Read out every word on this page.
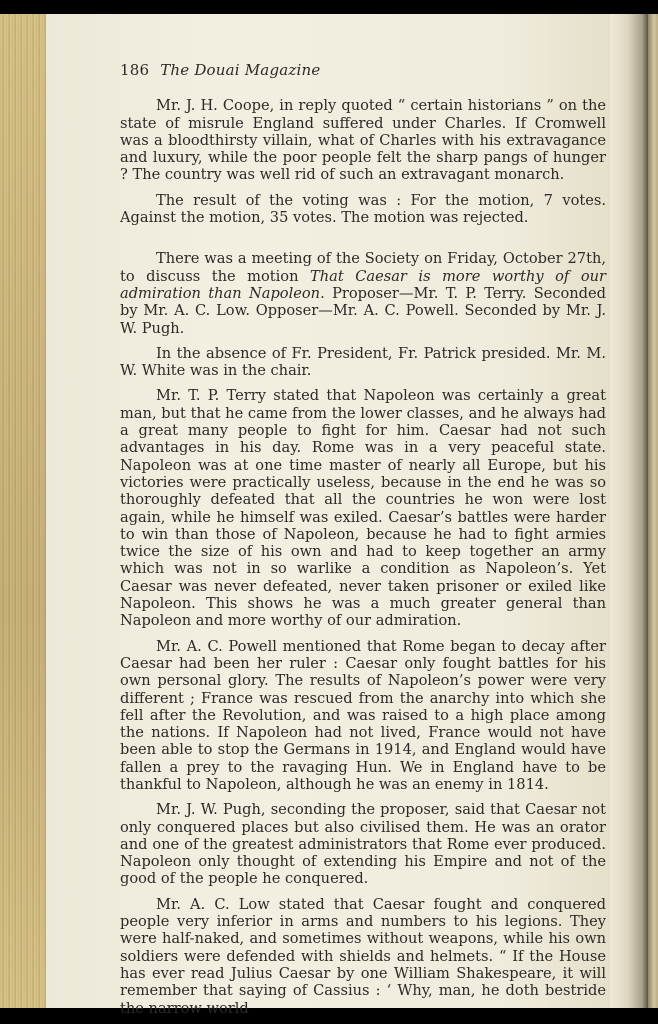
186 The Douai Magazine

Mr. J. H. Coope, in reply quoted “ certain historians ” on the state of misrule England suffered under Charles. If Cromwell was a bloodthirsty villain, what of Charles with his extravagance and luxury, while the poor people felt the sharp pangs of hunger ? The country was well rid of such an extravagant monarch.

The result of the voting was : For the motion, 7 votes. Against the motion, 35 votes. The motion was rejected.

There was a meeting of the Society on Friday, October 27th, to discuss the motion That Caesar is more worthy of our admiration than Napoleon. Proposer—Mr. T. P. Terry. Seconded by Mr. A. C. Low. Opposer—Mr. A. C. Powell. Seconded by Mr. J. W. Pugh.

In the absence of Fr. President, Fr. Patrick presided. Mr. M. W. White was in the chair.

Mr. T. P. Terry stated that Napoleon was certainly a great man, but that he came from the lower classes, and he always had a great many people to fight for him. Caesar had not such advantages in his day. Rome was in a very peaceful state. Napoleon was at one time master of nearly all Europe, but his victories were practically useless, because in the end he was so thoroughly defeated that all the countries he won were lost again, while he himself was exiled. Caesar’s battles were harder to win than those of Napoleon, because he had to fight armies twice the size of his own and had to keep together an army which was not in so warlike a condition as Napoleon’s. Yet Caesar was never defeated, never taken prisoner or exiled like Napoleon. This shows he was a much greater general than Napoleon and more worthy of our admiration.

Mr. A. C. Powell mentioned that Rome began to decay after Caesar had been her ruler : Caesar only fought battles for his own personal glory. The results of Napoleon’s power were very different ; France was rescued from the anarchy into which she fell after the Revolution, and was raised to a high place among the nations. If Napoleon had not lived, France would not have been able to stop the Germans in 1914, and England would have fallen a prey to the ravaging Hun. We in England have to be thankful to Napoleon, although he was an enemy in 1814.

Mr. J. W. Pugh, seconding the proposer, said that Caesar not only conquered places but also civilised them. He was an orator and one of the greatest administrators that Rome ever produced. Napoleon only thought of extending his Empire and not of the good of the people he conquered.

Mr. A. C. Low stated that Caesar fought and conquered people very inferior in arms and numbers to his legions. They were half-naked, and sometimes without weapons, while his own soldiers were defended with shields and helmets. “ If the House has ever read Julius Caesar by one William Shakespeare, it will remember that saying of Cassius : ‘ Why, man, he doth bestride the narrow world
